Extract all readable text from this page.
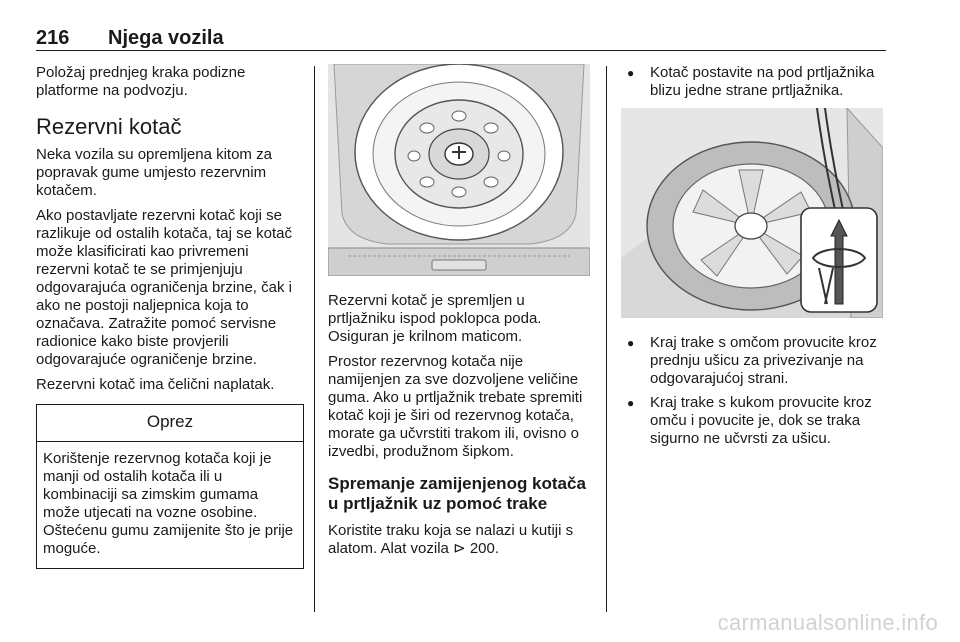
216 Njega vozila

Položaj prednjeg kraka podizne platforme na podvozju.

Rezervni kotač

Neka vozila su opremljena kitom za popravak gume umjesto rezervnim kotačem.

Ako postavljate rezervni kotač koji se razlikuje od ostalih kotača, taj se kotač može klasificirati kao privremeni rezervni kotač te se primjenjuju odgovarajuća ograničenja brzine, čak i ako ne postoji naljepnica koja to označava. Zatražite pomoć servisne radionice kako biste provjerili odgovarajuće ograničenje brzine.

Rezervni kotač ima čelični naplatak.

Oprez
Korištenje rezervnog kotača koji je manji od ostalih kotača ili u kombinaciji sa zimskim gumama može utjecati na vozne osobine. Oštećenu gumu zamijenite što je prije moguće.

Rezervni kotač je spremljen u prtljažniku ispod poklopca poda. Osiguran je krilnom maticom.

Prostor rezervnog kotača nije namijenjen za sve dozvoljene veličine guma. Ako u prtljažnik trebate spremiti kotač koji je širi od rezervnog kotača, morate ga učvrstiti trakom ili, ovisno o izvedbi, produžnom šipkom.

Spremanje zamijenjenog kotača u prtljažnik uz pomoć trake

Koristite traku koja se nalazi u kutiji s alatom. Alat vozila ⊳ 200.

● Kotač postavite na pod prtljažnika blizu jedne strane prtljažnika.
● Kraj trake s omčom provucite kroz prednju ušicu za privezivanje na odgovarajućoj strani.
● Kraj trake s kukom provucite kroz omču i povucite je, dok se traka sigurno ne učvrsti za ušicu.
carmanualsonline.info
